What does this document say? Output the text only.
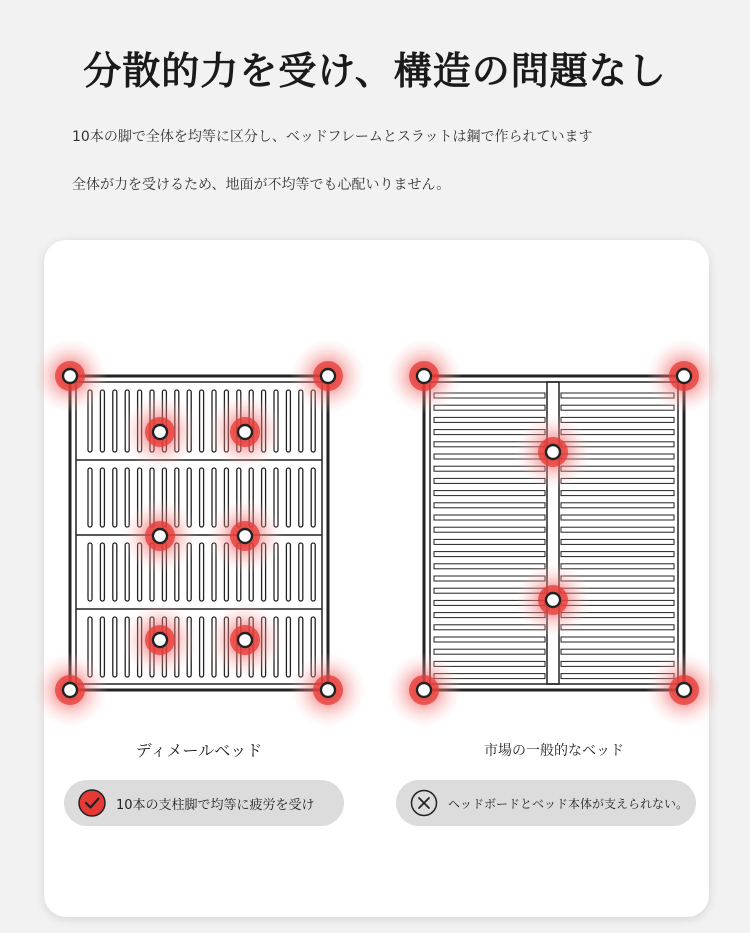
分散的力を受け、構造の問題なし
10本の脚で全体を均等に区分し、ベッドフレームとスラットは鋼で作られています
全体が力を受けるため、地面が不均等でも心配いりません。
ディメールベッド	市場の一般的なベッド
10本の支柱脚で均等に疲労を受け	ヘッドボードとベッド本体が支えられない。
